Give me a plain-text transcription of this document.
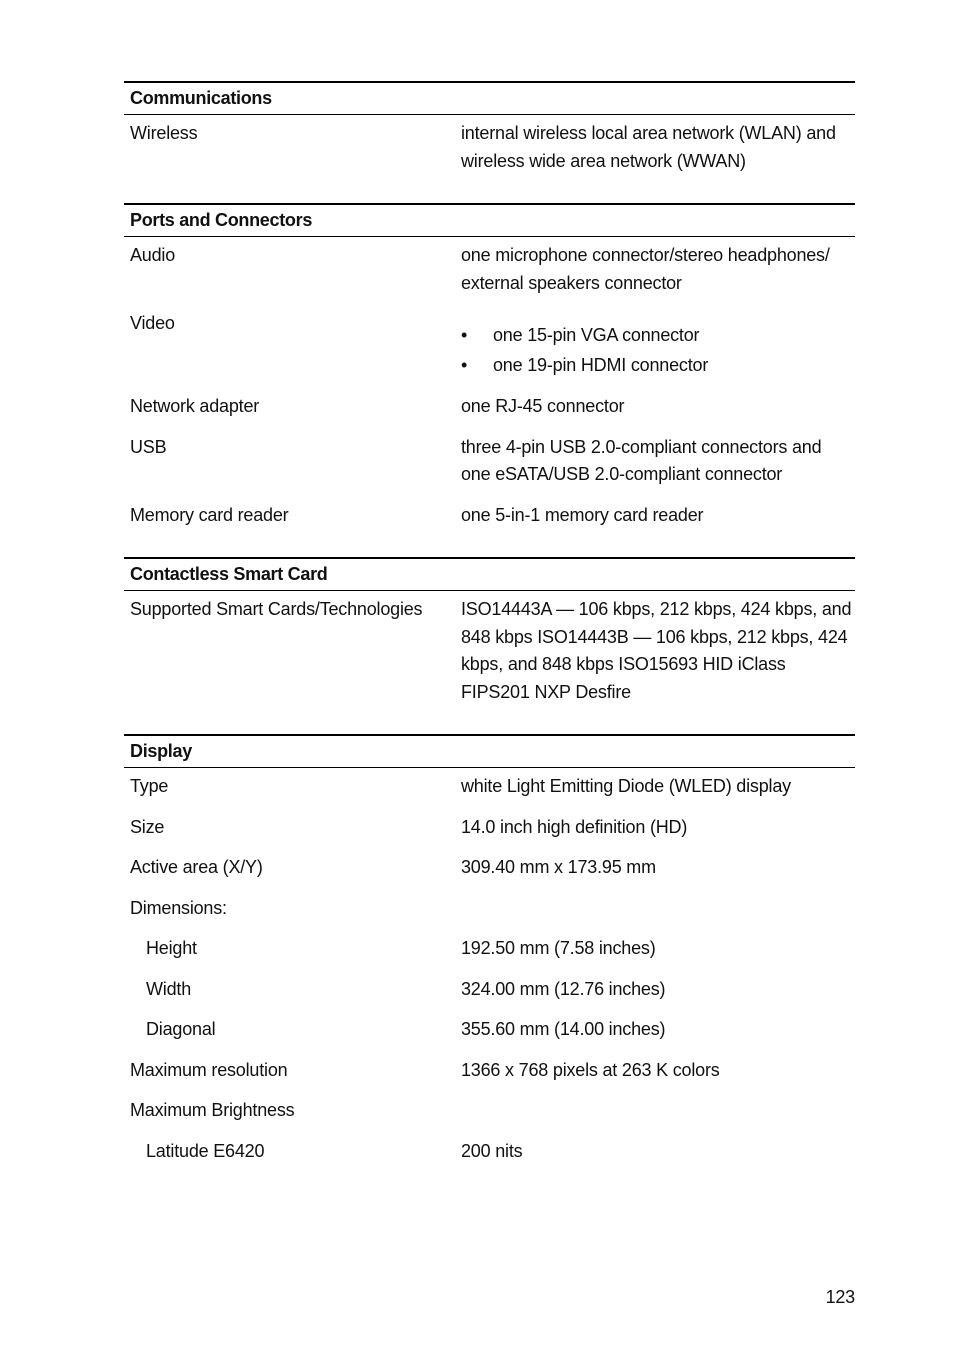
Communications
Wireless	internal wireless local area network (WLAN) and wireless wide area network (WWAN)
Ports and Connectors
Audio	one microphone connector/stereo headphones/ external speakers connector
Video
• one 15-pin VGA connector
• one 19-pin HDMI connector
Network adapter	one RJ-45 connector
USB	three 4-pin USB 2.0-compliant connectors and one eSATA/USB 2.0-compliant connector
Memory card reader	one 5-in-1 memory card reader
Contactless Smart Card
Supported Smart Cards/Technologies	ISO14443A — 106 kbps, 212 kbps, 424 kbps, and 848 kbps ISO14443B — 106 kbps, 212 kbps, 424 kbps, and 848 kbps ISO15693 HID iClass FIPS201 NXP Desfire
Display
Type	white Light Emitting Diode (WLED) display
Size	14.0 inch high definition (HD)
Active area (X/Y)	309.40 mm x 173.95 mm
Dimensions:
Height	192.50 mm (7.58 inches)
Width	324.00 mm (12.76 inches)
Diagonal	355.60 mm (14.00 inches)
Maximum resolution	1366 x 768 pixels at 263 K colors
Maximum Brightness
Latitude E6420	200 nits
123
